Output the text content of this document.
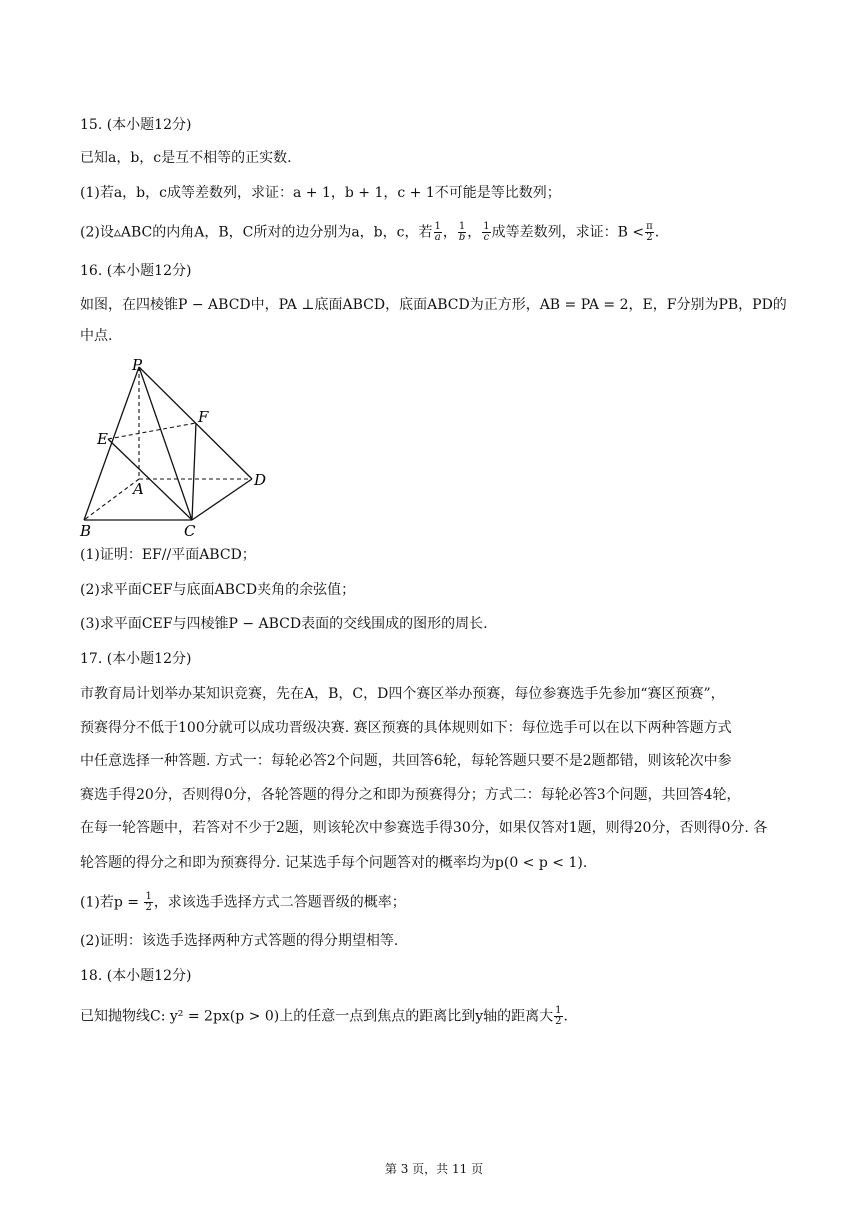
15. (本小题12分)
已知a，b，c是互不相等的正实数.
(1)若a，b，c成等差数列，求证：a + 1，b + 1，c + 1不可能是等比数列；
(2)设▵ABC的内角A，B，C所对的边分别为a，b，c，若 $\frac{1}{a}$ ， $\frac{1}{b}$ ， $\frac{1}{c}$ 成等差数列，求证：$B < \frac{\pi}{2}$ .
16. (本小题12分)
如图，在四棱锥P − ABCD中，PA ⊥底面ABCD，底面ABCD为正方形，AB = PA = 2，E，F分别为PB，PD的
中点.
P
F
E
A	D
B	C
(1)证明：EF//平面ABCD；
(2)求平面CEF与底面ABCD夹角的余弦值；
(3)求平面CEF与四棱锥P − ABCD表面的交线围成的图形的周长.
17. (本小题12分)
市教育局计划举办某知识竞赛，先在A，B，C，D四个赛区举办预赛，每位参赛选手先参加“赛区预赛”，
预赛得分不低于100分就可以成功晋级决赛. 赛区预赛的具体规则如下：每位选手可以在以下两种答题方式
中任意选择一种答题. 方式一：每轮必答2个问题，共回答6轮，每轮答题只要不是2题都错，则该轮次中参
赛选手得20分，否则得0分，各轮答题的得分之和即为预赛得分；方式二：每轮必答3个问题，共回答4轮，
在每一轮答题中，若答对不少于2题，则该轮次中参赛选手得30分，如果仅答对1题，则得20分，否则得0分. 各
轮答题的得分之和即为预赛得分. 记某选手每个问题答对的概率均为p(0 < p < 1).
(1)若$p = \frac{1}{2}$ ，求该选手选择方式二答题晋级的概率；
(2)证明：该选手选择两种方式答题的得分期望相等.
18. (本小题12分)
已知抛物线C: y² = 2px(p > 0)上的任意一点到焦点的距离比到y轴的距离大 $\frac{1}{2}$ .
第 3 页，共 11 页
